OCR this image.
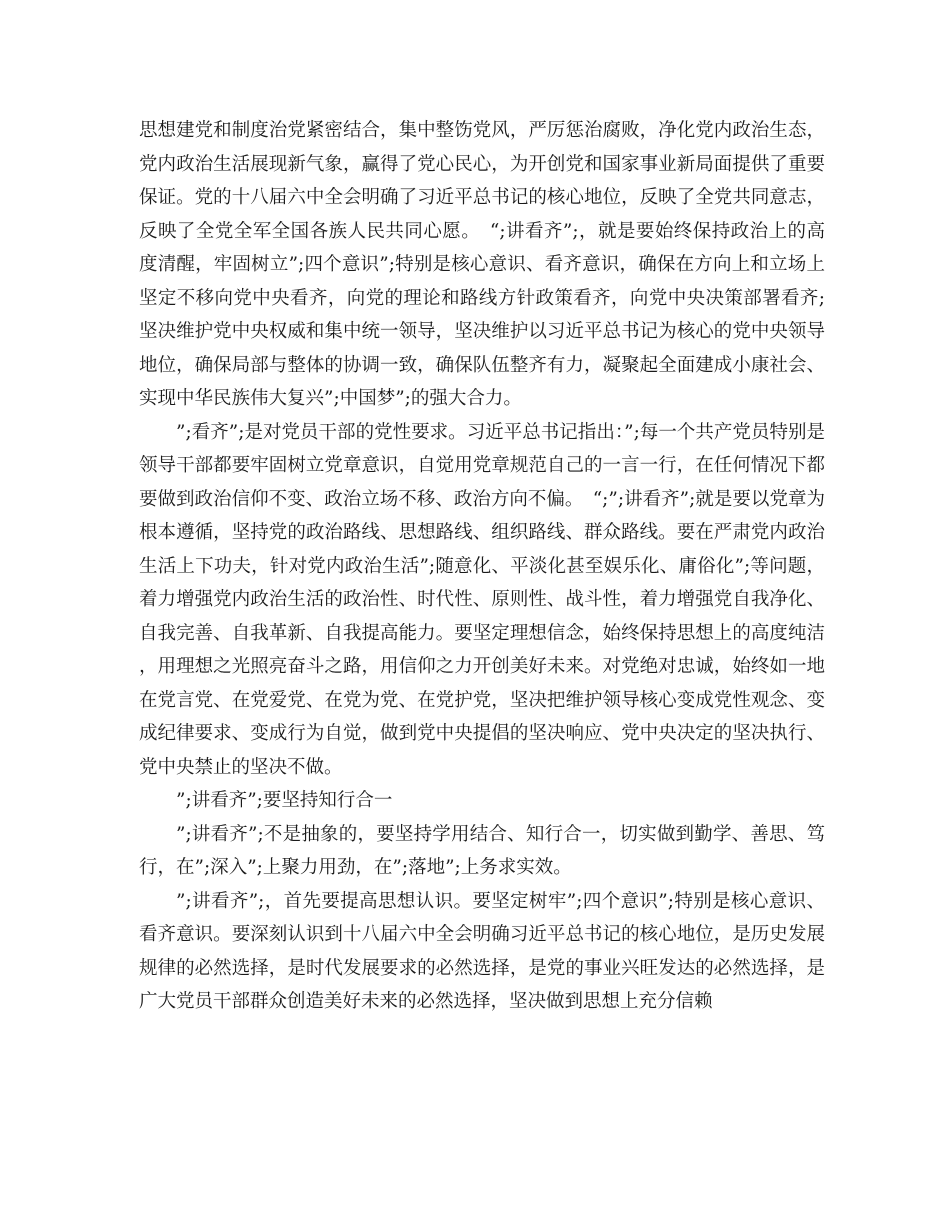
思想建党和制度治党紧密结合，集中整饬党风，严厉惩治腐败，净化党内政治生态，党内政治生活展现新气象，赢得了党心民心，为开创党和国家事业新局面提供了重要保证。党的十八届六中全会明确了习近平总书记的核心地位，反映了全党共同意志，反映了全党全军全国各族人民共同心愿。　“;讲看齐”;，就是要始终保持政治上的高度清醒，牢固树立”;四个意识”;特别是核心意识、看齐意识，确保在方向上和立场上坚定不移向党中央看齐，向党的理论和路线方针政策看齐，向党中央决策部署看齐;坚决维护党中央权威和集中统一领导，坚决维护以习近平总书记为核心的党中央领导地位，确保局部与整体的协调一致，确保队伍整齐有力，凝聚起全面建成小康社会、实现中华民族伟大复兴”;中国梦”;的强大合力。

”;看齐”;是对党员干部的党性要求。习近平总书记指出：”;每一个共产党员特别是领导干部都要牢固树立党章意识，自觉用党章规范自己的一言一行，在任何情况下都要做到政治信仰不变、政治立场不移、政治方向不偏。　“;”;讲看齐”;就是要以党章为根本遵循，坚持党的政治路线、思想路线、组织路线、群众路线。要在严肃党内政治生活上下功夫，针对党内政治生活”;随意化、平淡化甚至娱乐化、庸俗化”;等问题，着力增强党内政治生活的政治性、时代性、原则性、战斗性，着力增强党自我净化、自我完善、自我革新、自我提高能力。要坚定理想信念，始终保持思想上的高度纯洁，用理想之光照亮奋斗之路，用信仰之力开创美好未来。对党绝对忠诚，始终如一地在党言党、在党爱党、在党为党、在党护党，坚决把维护领导核心变成党性观念、变成纪律要求、变成行为自觉，做到党中央提倡的坚决响应、党中央决定的坚决执行、党中央禁止的坚决不做。

”;讲看齐”;要坚持知行合一

”;讲看齐”;不是抽象的，要坚持学用结合、知行合一，切实做到勤学、善思、笃行，在”;深入”;上聚力用劲，在”;落地”;上务求实效。

”;讲看齐”;，首先要提高思想认识。要坚定树牢”;四个意识”;特别是核心意识、看齐意识。要深刻认识到十八届六中全会明确习近平总书记的核心地位，是历史发展规律的必然选择，是时代发展要求的必然选择，是党的事业兴旺发达的必然选择，是广大党员干部群众创造美好未来的必然选择，坚决做到思想上充分信赖
